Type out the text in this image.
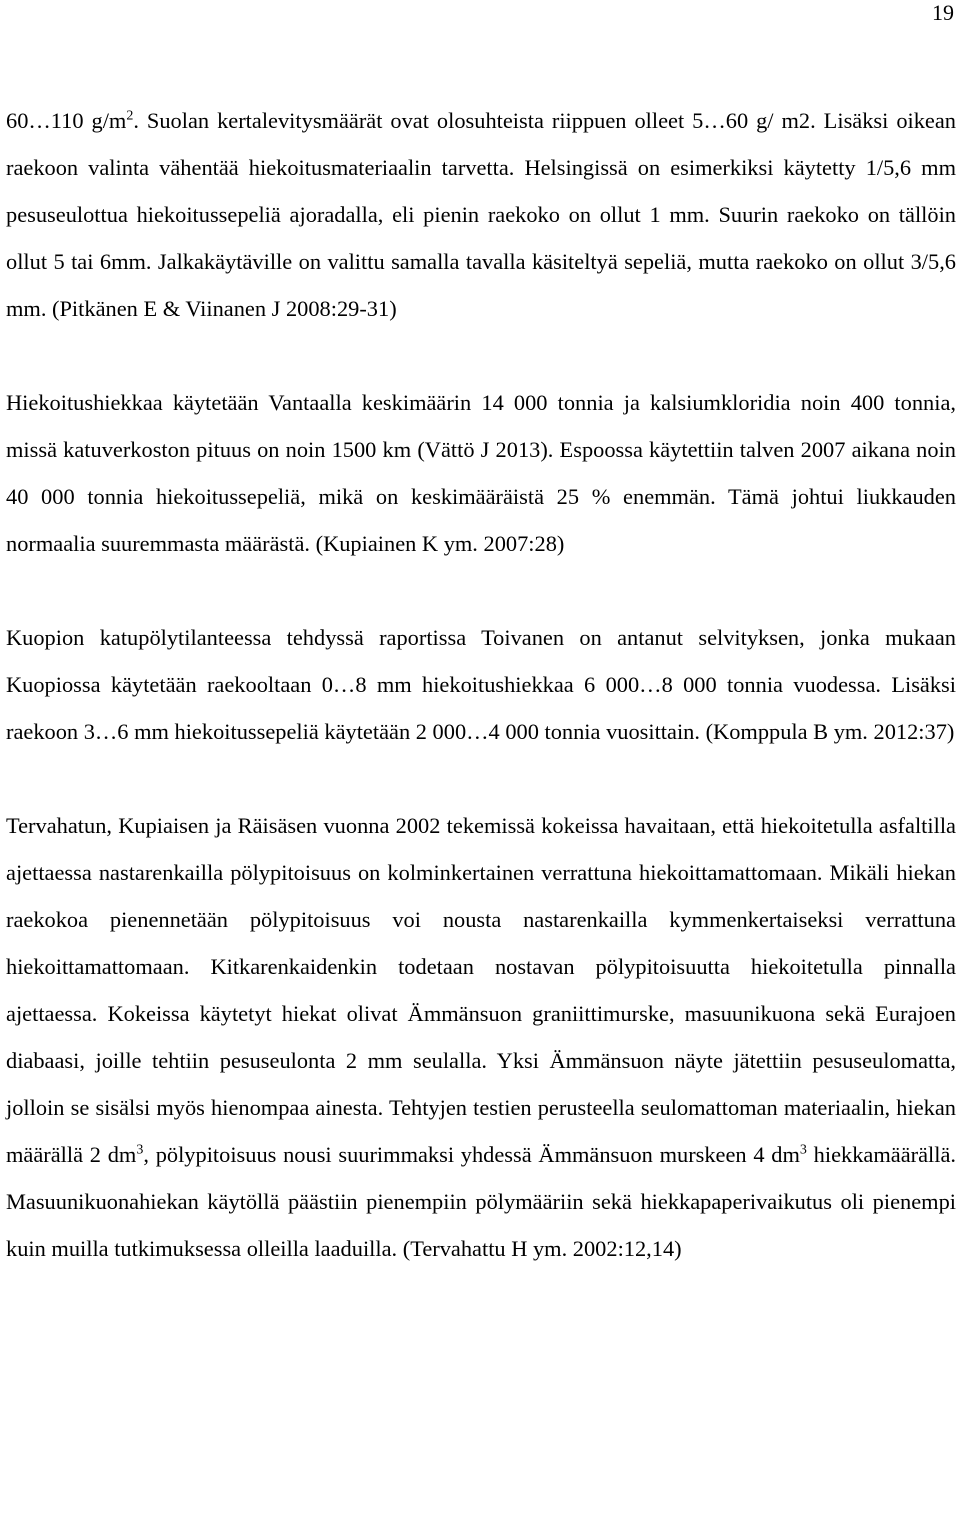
19

60…110 $g/m^2$. Suolan kertalevitysmäärät ovat olosuhteista riippuen olleet 5…60 g/ m2. Lisäksi oikean raekoon valinta vähentää hiekoitusmateriaalin tarvetta. Helsingissä on esimerkiksi käytetty 1/5,6 mm pesuseulottua hiekoitussepeliä ajoradalla, eli pienin raekoko on ollut 1 mm. Suurin raekoko on tällöin ollut 5 tai 6mm. Jalkakäytäville on valittu samalla tavalla käsiteltyä sepeliä, mutta raekoko on ollut 3/5,6 mm. (Pitkänen E & Viinanen J 2008:29-31)

Hiekoitushiekkaa käytetään Vantaalla keskimäärin 14 000 tonnia ja kalsiumkloridia noin 400 tonnia, missä katuverkoston pituus on noin 1500 km (Vättö J 2013). Espoossa käytettiin talven 2007 aikana noin 40 000 tonnia hiekoitussepeliä, mikä on keskimääräistä 25 % enemmän. Tämä johtui liukkauden normaalia suuremmasta määrästä. (Kupiainen K ym. 2007:28)

Kuopion katupölytilanteessa tehdyssä raportissa Toivanen on antanut selvityksen, jonka mukaan Kuopiossa käytetään raekooltaan 0…8 mm hiekoitushiekkaa 6 000…8 000 tonnia vuodessa. Lisäksi raekoon 3…6 mm hiekoitussepeliä käytetään 2 000…4 000 tonnia vuosittain. (Komppula B ym. 2012:37)

Tervahatun, Kupiaisen ja Räisäsen vuonna 2002 tekemissä kokeissa havaitaan, että hiekoitetulla asfaltilla ajettaessa nastarenkailla pölypitoisuus on kolminkertainen verrattuna hiekoittamattomaan. Mikäli hiekan raekokoa pienennetään pölypitoisuus voi nousta nastarenkailla kymmenkertaiseksi verrattuna hiekoittamattomaan. Kitkarenkaidenkin todetaan nostavan pölypitoisuutta hiekoitetulla pinnalla ajettaessa. Kokeissa käytetyt hiekat olivat Ämmänsuon graniittimurske, masuunikuona sekä Eurajoen diabaasi, joille tehtiin pesuseulonta 2 mm seulalla. Yksi Ämmänsuon näyte jätettiin pesuseulomatta, jolloin se sisälsi myös hienompaa ainesta. Tehtyjen testien perusteella seulomattoman materiaalin, hiekan määrällä 2 $dm^3$, pölypitoisuus nousi suurimmaksi yhdessä Ämmänsuon murskeen 4 $dm^3$ hiekkamäärällä. Masuunikuonahiekan käytöllä päästiin pienempiin pölymääriin sekä hiekkapaperivaikutus oli pienempi kuin muilla tutkimuksessa olleilla laaduilla. (Tervahattu H ym. 2002:12,14)
